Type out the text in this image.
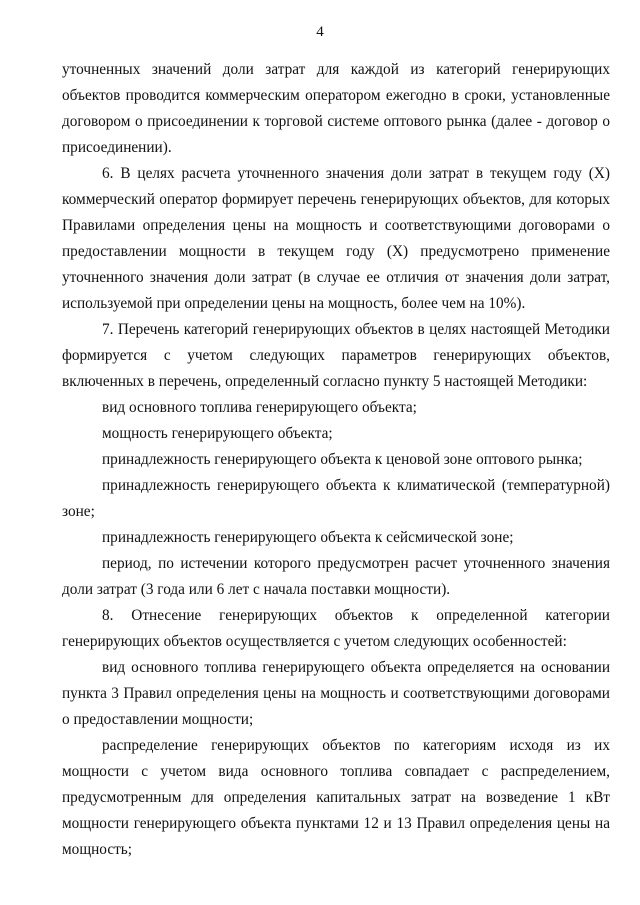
4

уточненных значений доли затрат для каждой из категорий генерирующих объектов проводится коммерческим оператором ежегодно в сроки, установленные договором о присоединении к торговой системе оптового рынка (далее - договор о присоединении).

6. В целях расчета уточненного значения доли затрат в текущем году (X) коммерческий оператор формирует перечень генерирующих объектов, для которых Правилами определения цены на мощность и соответствующими договорами о предоставлении мощности в текущем году (X) предусмотрено применение уточненного значения доли затрат (в случае ее отличия от значения доли затрат, используемой при определении цены на мощность, более чем на 10%).

7. Перечень категорий генерирующих объектов в целях настоящей Методики формируется с учетом следующих параметров генерирующих объектов, включенных в перечень, определенный согласно пункту 5 настоящей Методики:

вид основного топлива генерирующего объекта;

мощность генерирующего объекта;

принадлежность генерирующего объекта к ценовой зоне оптового рынка;

принадлежность генерирующего объекта к климатической (температурной) зоне;

принадлежность генерирующего объекта к сейсмической зоне;

период, по истечении которого предусмотрен расчет уточненного значения доли затрат (3 года или 6 лет с начала поставки мощности).

8. Отнесение генерирующих объектов к определенной категории генерирующих объектов осуществляется с учетом следующих особенностей:

вид основного топлива генерирующего объекта определяется на основании пункта 3 Правил определения цены на мощность и соответствующими договорами о предоставлении мощности;

распределение генерирующих объектов по категориям исходя из их мощности с учетом вида основного топлива совпадает с распределением, предусмотренным для определения капитальных затрат на возведение 1 кВт мощности генерирующего объекта пунктами 12 и 13 Правил определения цены на мощность;
